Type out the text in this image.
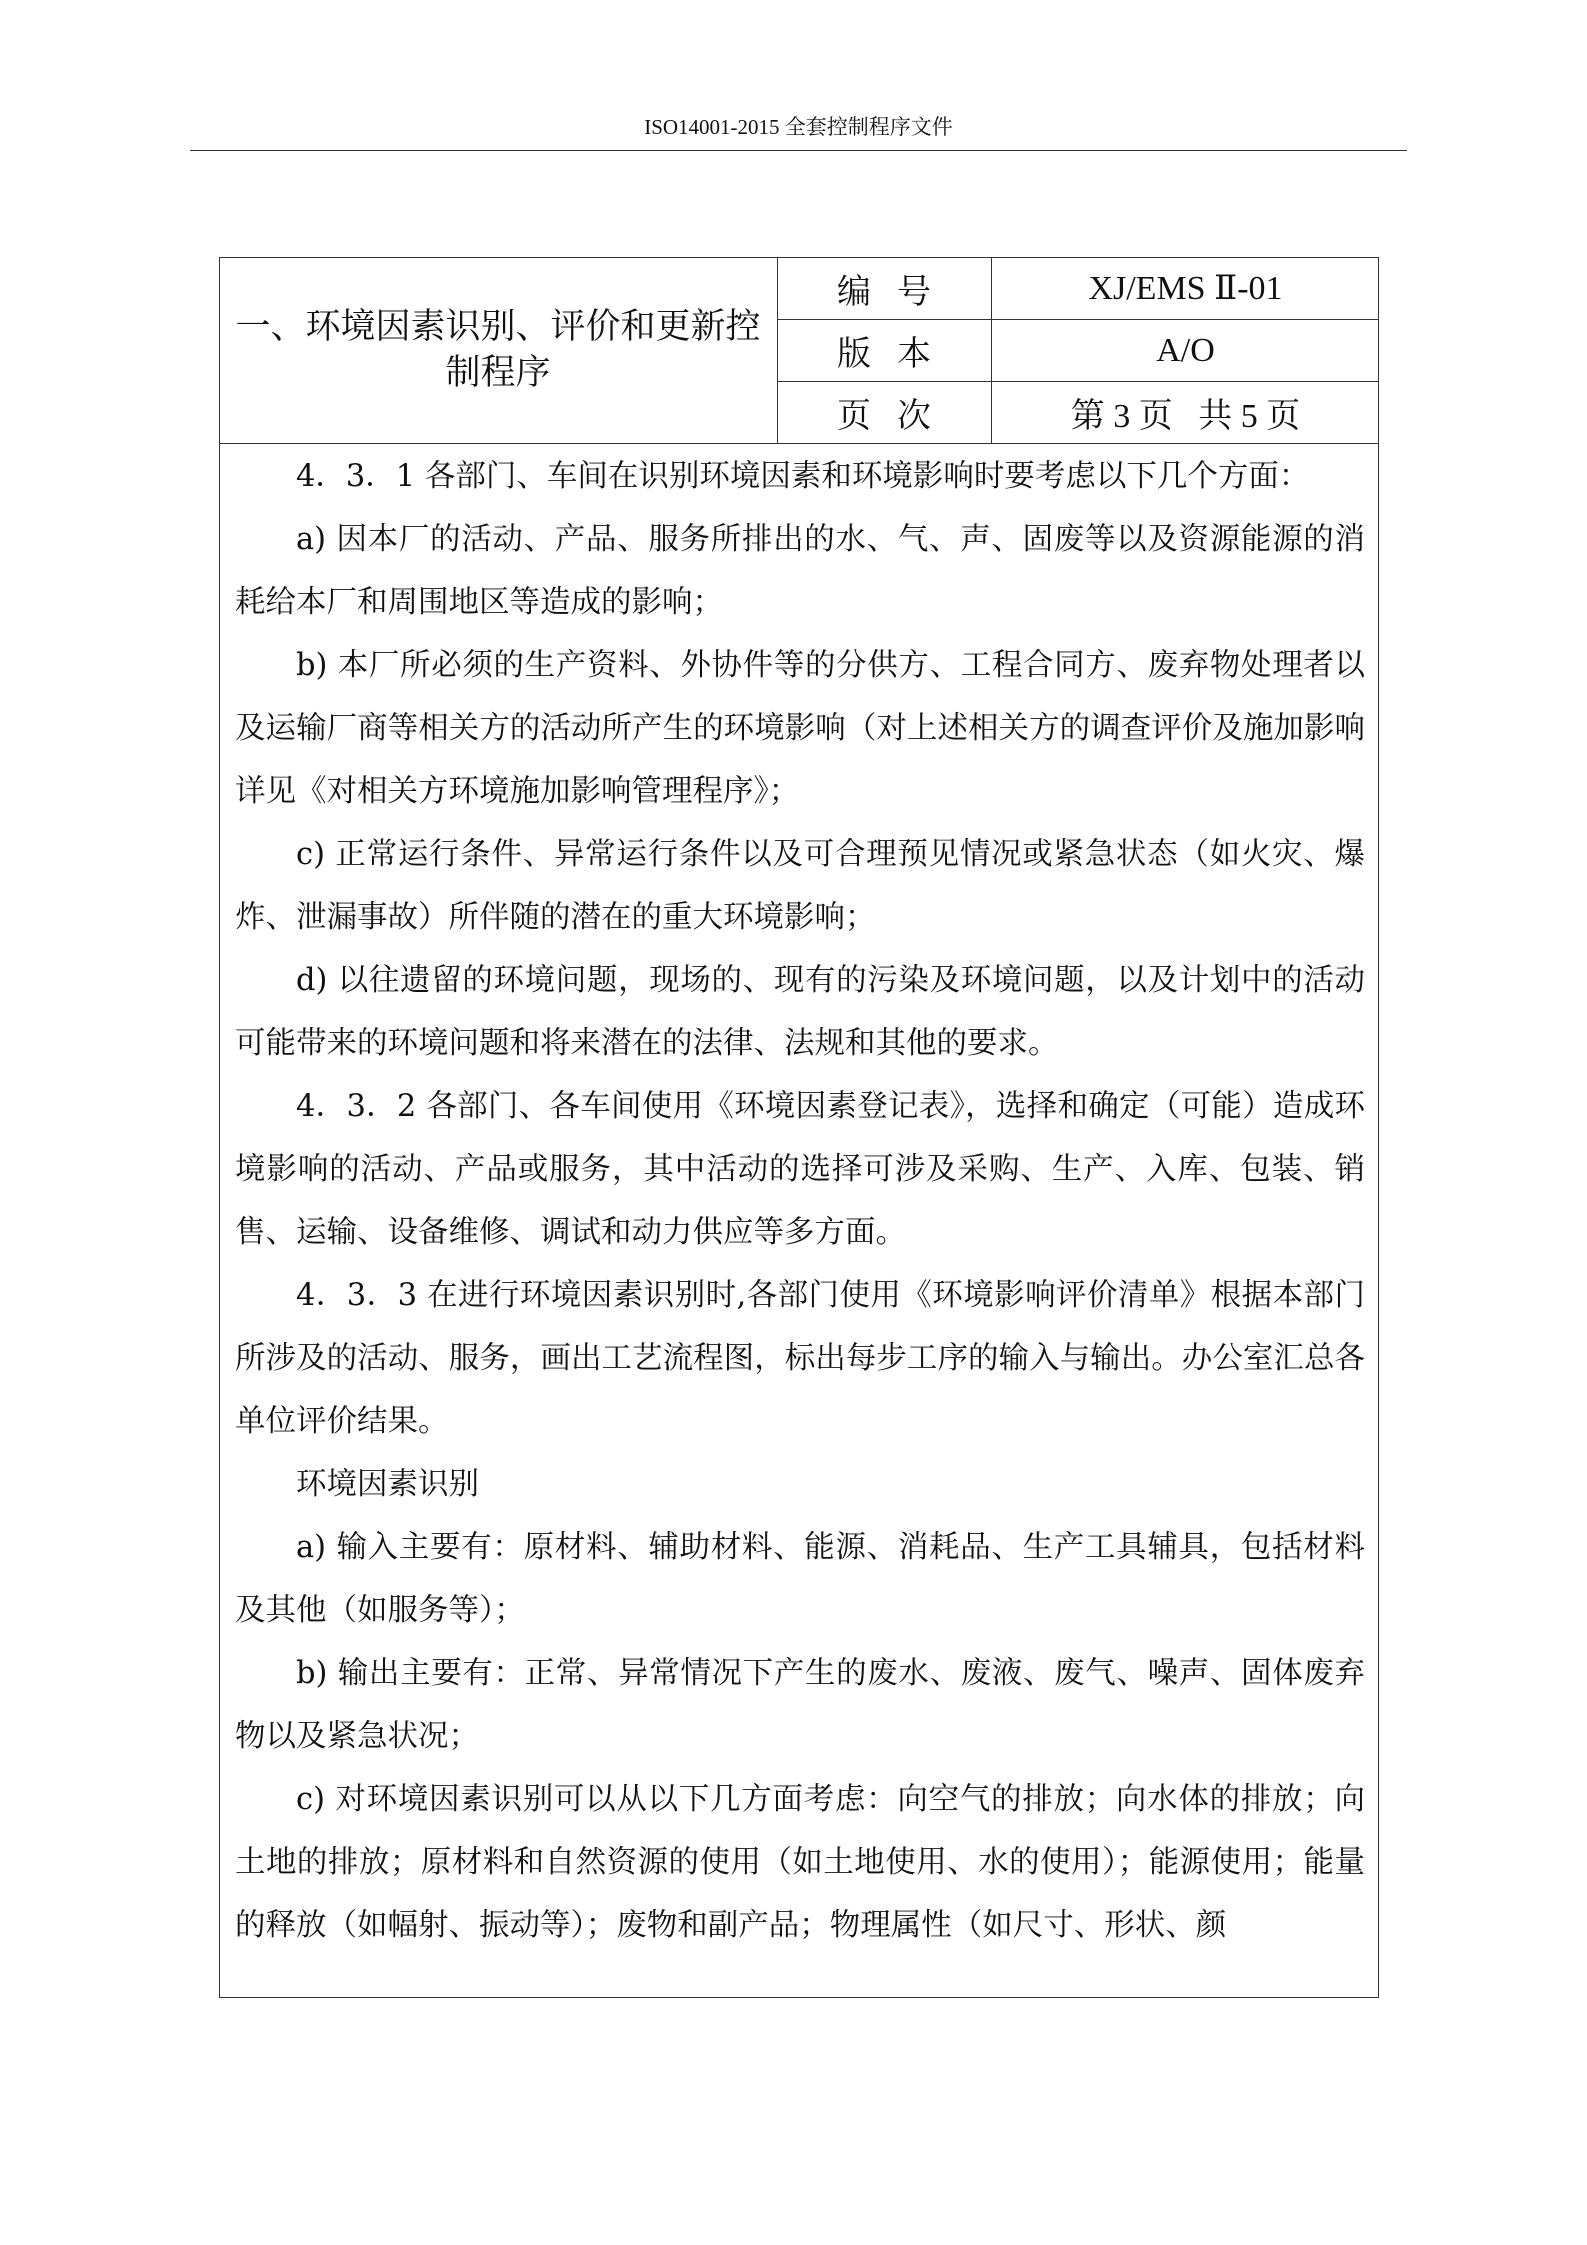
ISO14001-2015 全套控制程序文件
一、环境因素识别、评价和更新控制程序
编号	XJ/EMS Ⅱ-01
版本	A/O
页次	第 3 页   共 5 页

4．3．1 各部门、车间在识别环境因素和环境影响时要考虑以下几个方面：

a) 因本厂的活动、产品、服务所排出的水、气、声、固废等以及资源能源的消耗给本厂和周围地区等造成的影响；

b) 本厂所必须的生产资料、外协件等的分供方、工程合同方、废弃物处理者以及运输厂商等相关方的活动所产生的环境影响（对上述相关方的调查评价及施加影响详见《对相关方环境施加影响管理程序》；

c) 正常运行条件、异常运行条件以及可合理预见情况或紧急状态（如火灾、爆炸、泄漏事故）所伴随的潜在的重大环境影响；

d) 以往遗留的环境问题，现场的、现有的污染及环境问题，以及计划中的活动可能带来的环境问题和将来潜在的法律、法规和其他的要求。

4．3．2 各部门、各车间使用《环境因素登记表》，选择和确定（可能）造成环境影响的活动、产品或服务，其中活动的选择可涉及采购、生产、入库、包装、销售、运输、设备维修、调试和动力供应等多方面。

4．3．3 在进行环境因素识别时,各部门使用《环境影响评价清单》根据本部门所涉及的活动、服务，画出工艺流程图，标出每步工序的输入与输出。办公室汇总各单位评价结果。

环境因素识别

a) 输入主要有：原材料、辅助材料、能源、消耗品、生产工具辅具，包括材料及其他（如服务等）；

b) 输出主要有：正常、异常情况下产生的废水、废液、废气、噪声、固体废弃物以及紧急状况；

c) 对环境因素识别可以从以下几方面考虑：向空气的排放；向水体的排放；向土地的排放；原材料和自然资源的使用（如土地使用、水的使用）；能源使用；能量的释放（如幅射、振动等）；废物和副产品；物理属性（如尺寸、形状、颜
